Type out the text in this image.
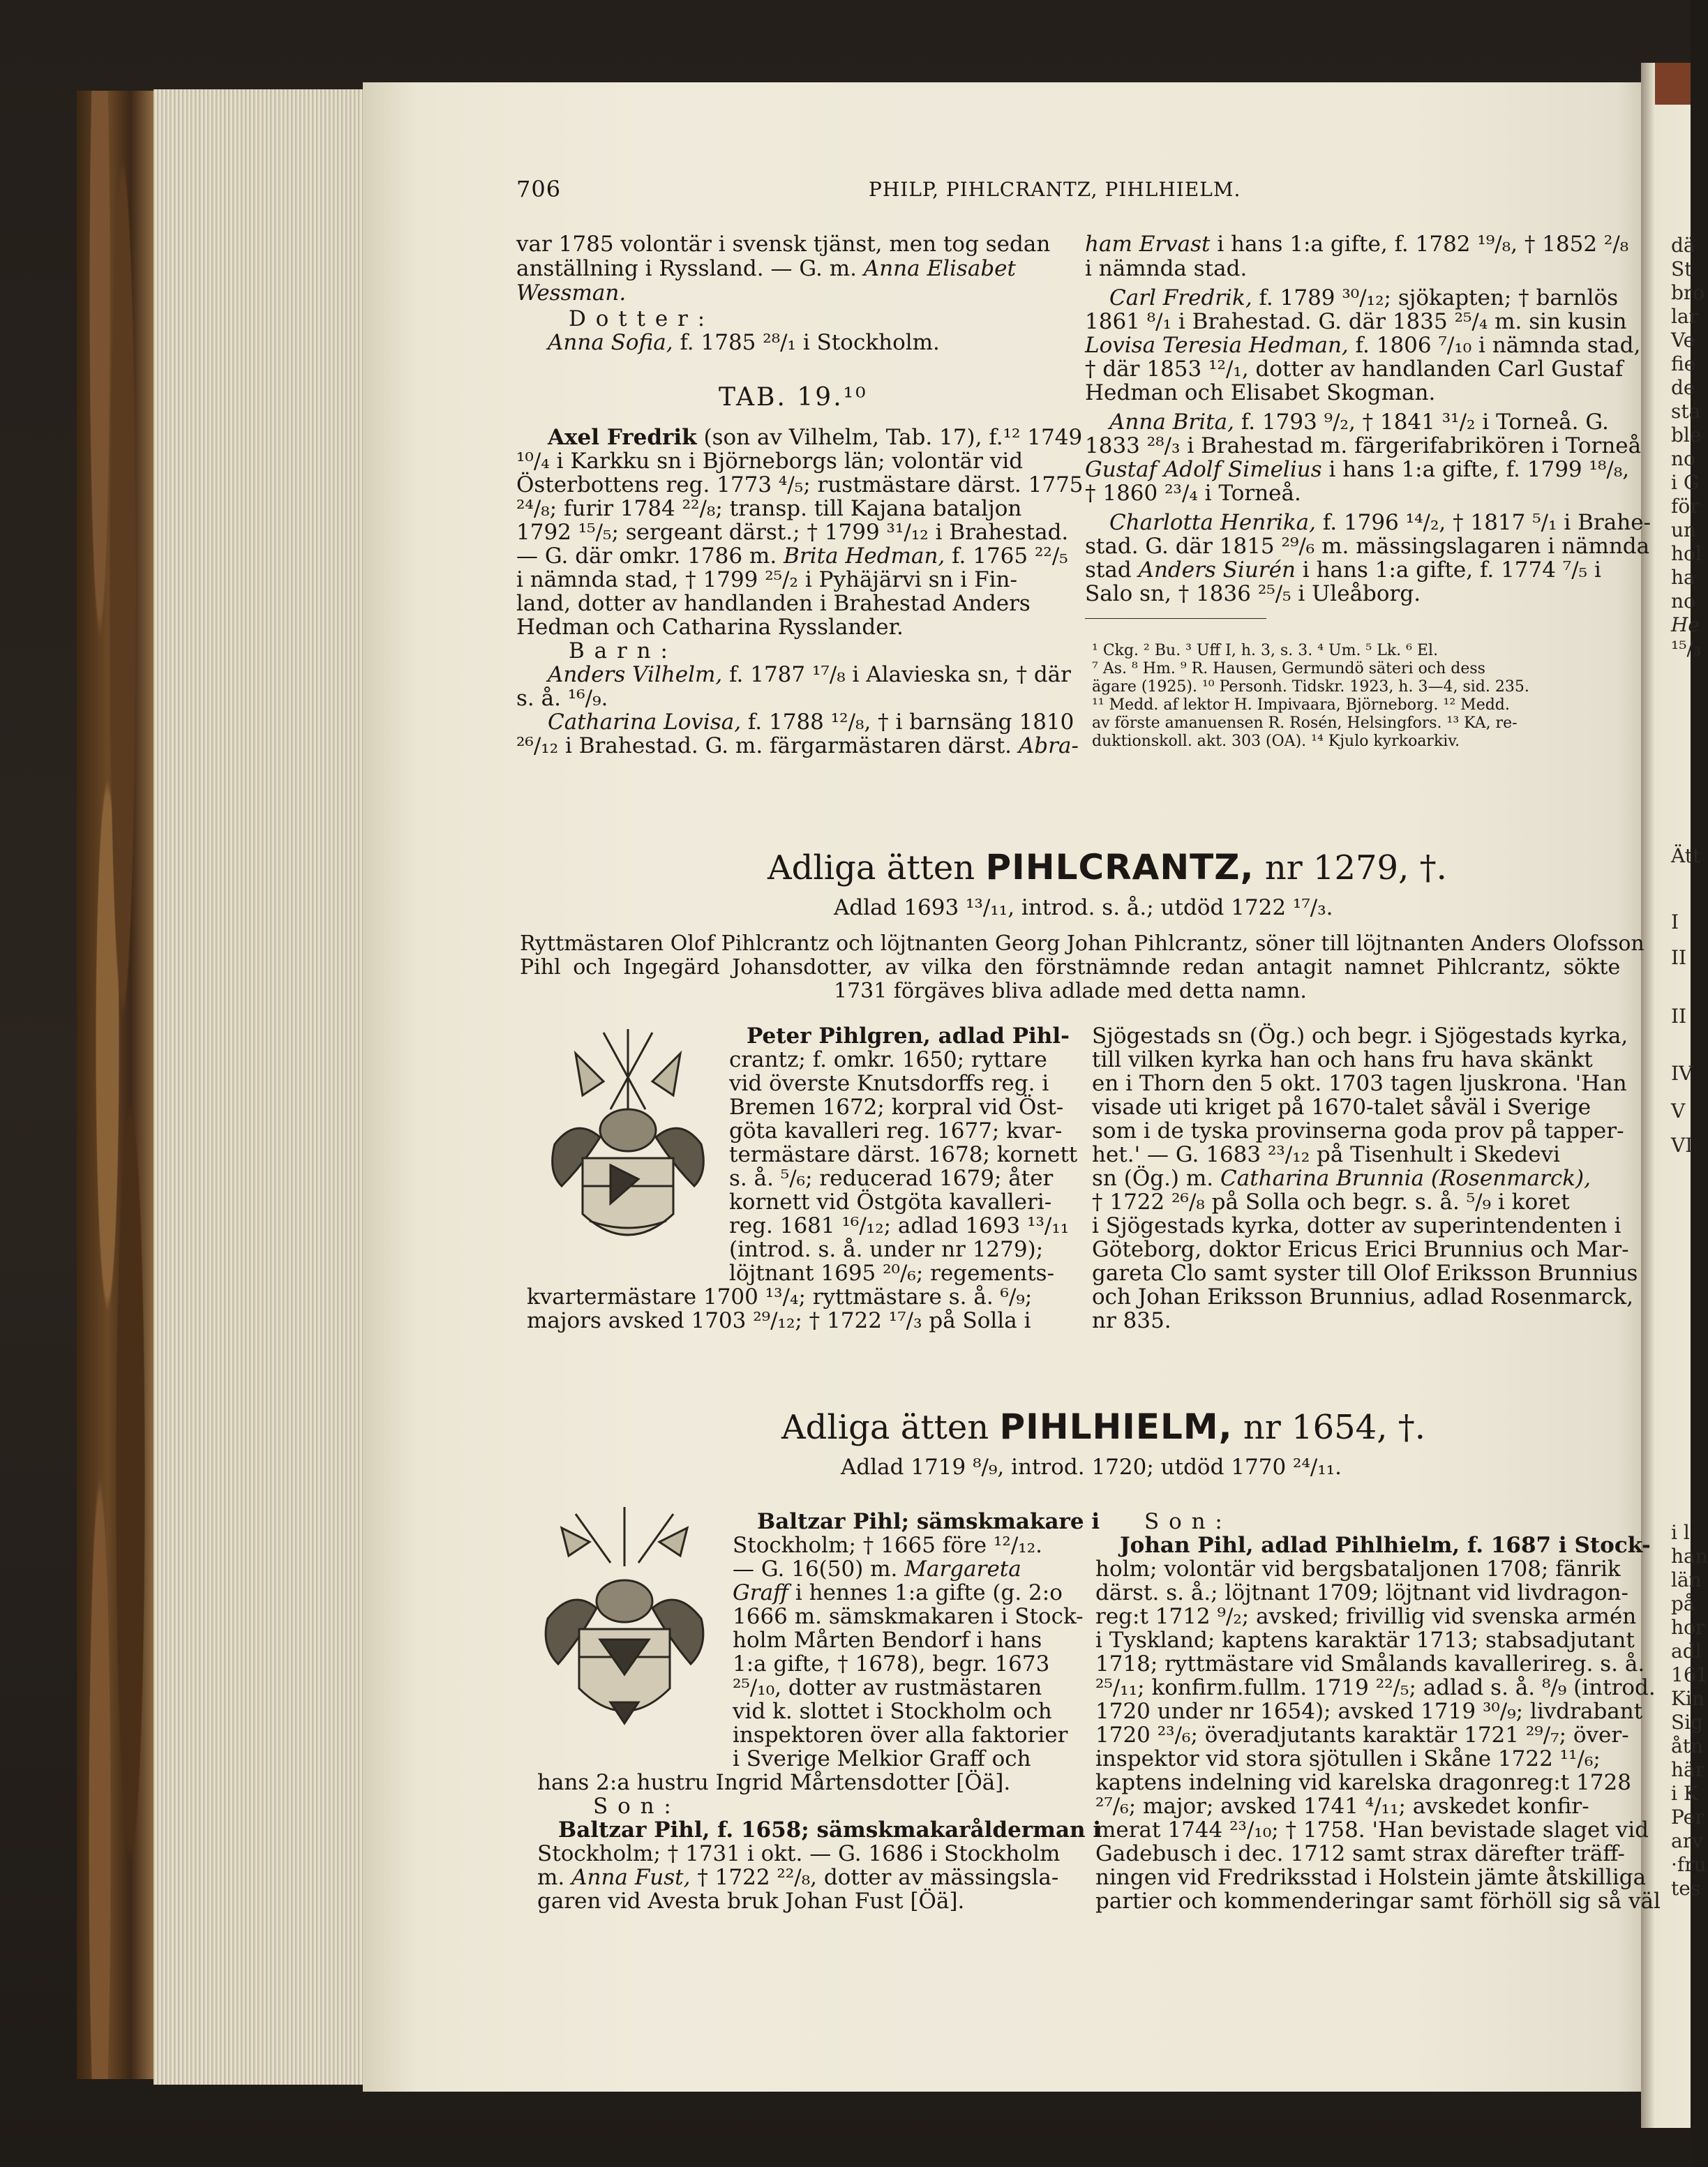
706	PHILP, PIHLCRANTZ, PIHLHIELM.
var 1785 volontär i svensk tjänst, men tog sedan
anställning i Ryssland. — G. m. Anna Elisabet
Wessman.
D o t t e r :
Anna Sofia, f. 1785 ²⁸/₁ i Stockholm.
TAB. 19.¹⁰
Axel Fredrik (son av Vilhelm, Tab. 17), f.¹² 1749
¹⁰/₄ i Karkku sn i Björneborgs län; volontär vid
Österbottens reg. 1773 ⁴/₅; rustmästare därst. 1775
²⁴/₈; furir 1784 ²²/₈; transp. till Kajana bataljon
1792 ¹⁵/₅; sergeant därst.; † 1799 ³¹/₁₂ i Brahestad.
— G. där omkr. 1786 m. Brita Hedman, f. 1765 ²²/₅
i nämnda stad, † 1799 ²⁵/₂ i Pyhäjärvi sn i Fin-
land, dotter av handlanden i Brahestad Anders
Hedman och Catharina Rysslander.
B a r n :
Anders Vilhelm, f. 1787 ¹⁷/₈ i Alavieska sn, † där
s. å. ¹⁶/₉.
Catharina Lovisa, f. 1788 ¹²/₈, † i barnsäng 1810
²⁶/₁₂ i Brahestad. G. m. färgarmästaren därst. Abra-
ham Ervast i hans 1:a gifte, f. 1782 ¹⁹/₈, † 1852 ²/₈
i nämnda stad.
Carl Fredrik, f. 1789 ³⁰/₁₂; sjökapten; † barnlös
1861 ⁸/₁ i Brahestad. G. där 1835 ²⁵/₄ m. sin kusin
Lovisa Teresia Hedman, f. 1806 ⁷/₁₀ i nämnda stad,
† där 1853 ¹²/₁, dotter av handlanden Carl Gustaf
Hedman och Elisabet Skogman.
Anna Brita, f. 1793 ⁹/₂, † 1841 ³¹/₂ i Torneå. G.
1833 ²⁸/₃ i Brahestad m. färgerifabrikören i Torneå
Gustaf Adolf Simelius i hans 1:a gifte, f. 1799 ¹⁸/₈,
† 1860 ²³/₄ i Torneå.
Charlotta Henrika, f. 1796 ¹⁴/₂, † 1817 ⁵/₁ i Brahe-
stad. G. där 1815 ²⁹/₆ m. mässingslagaren i nämnda
stad Anders Siurén i hans 1:a gifte, f. 1774 ⁷/₅ i
Salo sn, † 1836 ²⁵/₅ i Uleåborg.
¹ Ckg. ² Bu. ³ Uff I, h. 3, s. 3. ⁴ Um. ⁵ Lk. ⁶ El.
⁷ As. ⁸ Hm. ⁹ R. Hausen, Germundö säteri och dess
ägare (1925). ¹⁰ Personh. Tidskr. 1923, h. 3—4, sid. 235.
¹¹ Medd. af lektor H. Impivaara, Björneborg. ¹² Medd.
av förste amanuensen R. Rosén, Helsingfors. ¹³ KA, re-
duktionskoll. akt. 303 (OA). ¹⁴ Kjulo kyrkoarkiv.
Adliga ätten PIHLCRANTZ, nr 1279, †.
Adlad 1693 ¹³/₁₁, introd. s. å.; utdöd 1722 ¹⁷/₃.
Ryttmästaren Olof Pihlcrantz och löjtnanten Georg Johan Pihlcrantz, söner till löjtnanten Anders Olofsson
Pihl och Ingegärd Johansdotter, av vilka den förstnämnde redan antagit namnet Pihlcrantz, sökte
1731 förgäves bliva adlade med detta namn.
Peter Pihlgren, adlad Pihl-
crantz; f. omkr. 1650; ryttare
vid överste Knutsdorffs reg. i
Bremen 1672; korpral vid Öst-
göta kavalleri reg. 1677; kvar-
termästare därst. 1678; kornett
s. å. ⁵/₆; reducerad 1679; åter
kornett vid Östgöta kavalleri-
reg. 1681 ¹⁶/₁₂; adlad 1693 ¹³/₁₁
(introd. s. å. under nr 1279);
löjtnant 1695 ²⁰/₆; regements-
kvartermästare 1700 ¹³/₄; ryttmästare s. å. ⁶/₉;
majors avsked 1703 ²⁹/₁₂; † 1722 ¹⁷/₃ på Solla i
Sjögestads sn (Ög.) och begr. i Sjögestads kyrka,
till vilken kyrka han och hans fru hava skänkt
en i Thorn den 5 okt. 1703 tagen ljuskrona. 'Han
visade uti kriget på 1670-talet såväl i Sverige
som i de tyska provinserna goda prov på tapper-
het.' — G. 1683 ²³/₁₂ på Tisenhult i Skedevi
sn (Ög.) m. Catharina Brunnia (Rosenmarck),
† 1722 ²⁶/₈ på Solla och begr. s. å. ⁵/₉ i koret
i Sjögestads kyrka, dotter av superintendenten i
Göteborg, doktor Ericus Erici Brunnius och Mar-
gareta Clo samt syster till Olof Eriksson Brunnius
och Johan Eriksson Brunnius, adlad Rosenmarck,
nr 835.
Adliga ätten PIHLHIELM, nr 1654, †.
Adlad 1719 ⁸/₉, introd. 1720; utdöd 1770 ²⁴/₁₁.
Baltzar Pihl; sämskmakare i
Stockholm; † 1665 före ¹²/₁₂.
— G. 16(50) m. Margareta
Graff i hennes 1:a gifte (g. 2:o
1666 m. sämskmakaren i Stock-
holm Mårten Bendorf i hans
1:a gifte, † 1678), begr. 1673
²⁵/₁₀, dotter av rustmästaren
vid k. slottet i Stockholm och
inspektoren över alla faktorier
i Sverige Melkior Graff och
hans 2:a hustru Ingrid Mårtensdotter [Öä].
S o n :
Baltzar Pihl, f. 1658; sämskmakarålderman i
Stockholm; † 1731 i okt. — G. 1686 i Stockholm
m. Anna Fust, † 1722 ²²/₈, dotter av mässingsla-
garen vid Avesta bruk Johan Fust [Öä].
S o n :
Johan Pihl, adlad Pihlhielm, f. 1687 i Stock-
holm; volontär vid bergsbataljonen 1708; fänrik
därst. s. å.; löjtnant 1709; löjtnant vid livdragon-
reg:t 1712 ⁹/₂; avsked; frivillig vid svenska armén
i Tyskland; kaptens karaktär 1713; stabsadjutant
1718; ryttmästare vid Smålands kavallerireg. s. å.
²⁵/₁₁; konfirm.fullm. 1719 ²²/₅; adlad s. å. ⁸/₉ (introd.
1720 under nr 1654); avsked 1719 ³⁰/₉; livdrabant
1720 ²³/₆; överadjutants karaktär 1721 ²⁹/₇; över-
inspektor vid stora sjötullen i Skåne 1722 ¹¹/₆;
kaptens indelning vid karelska dragonreg:t 1728
²⁷/₆; major; avsked 1741 ⁴/₁₁; avskedet konfir-
merat 1744 ²³/₁₀; † 1758. 'Han bevistade slaget vid
Gadebusch i dec. 1712 samt strax därefter träff-
ningen vid Fredriksstad i Holstein jämte åtskilliga
partier och kommenderingar samt förhöll sig så väl
dä
St
bro
lar
Ve
fie
de
sta
ble
no
i G
för
un
hol
ha
no
He
¹⁵/₃
Ätt
I
II
II
IV
V
VI
i l
han
län
på
hor
adl
161
Kin
Sig
åtn
här
i K
Per
arv
·fru
tes
